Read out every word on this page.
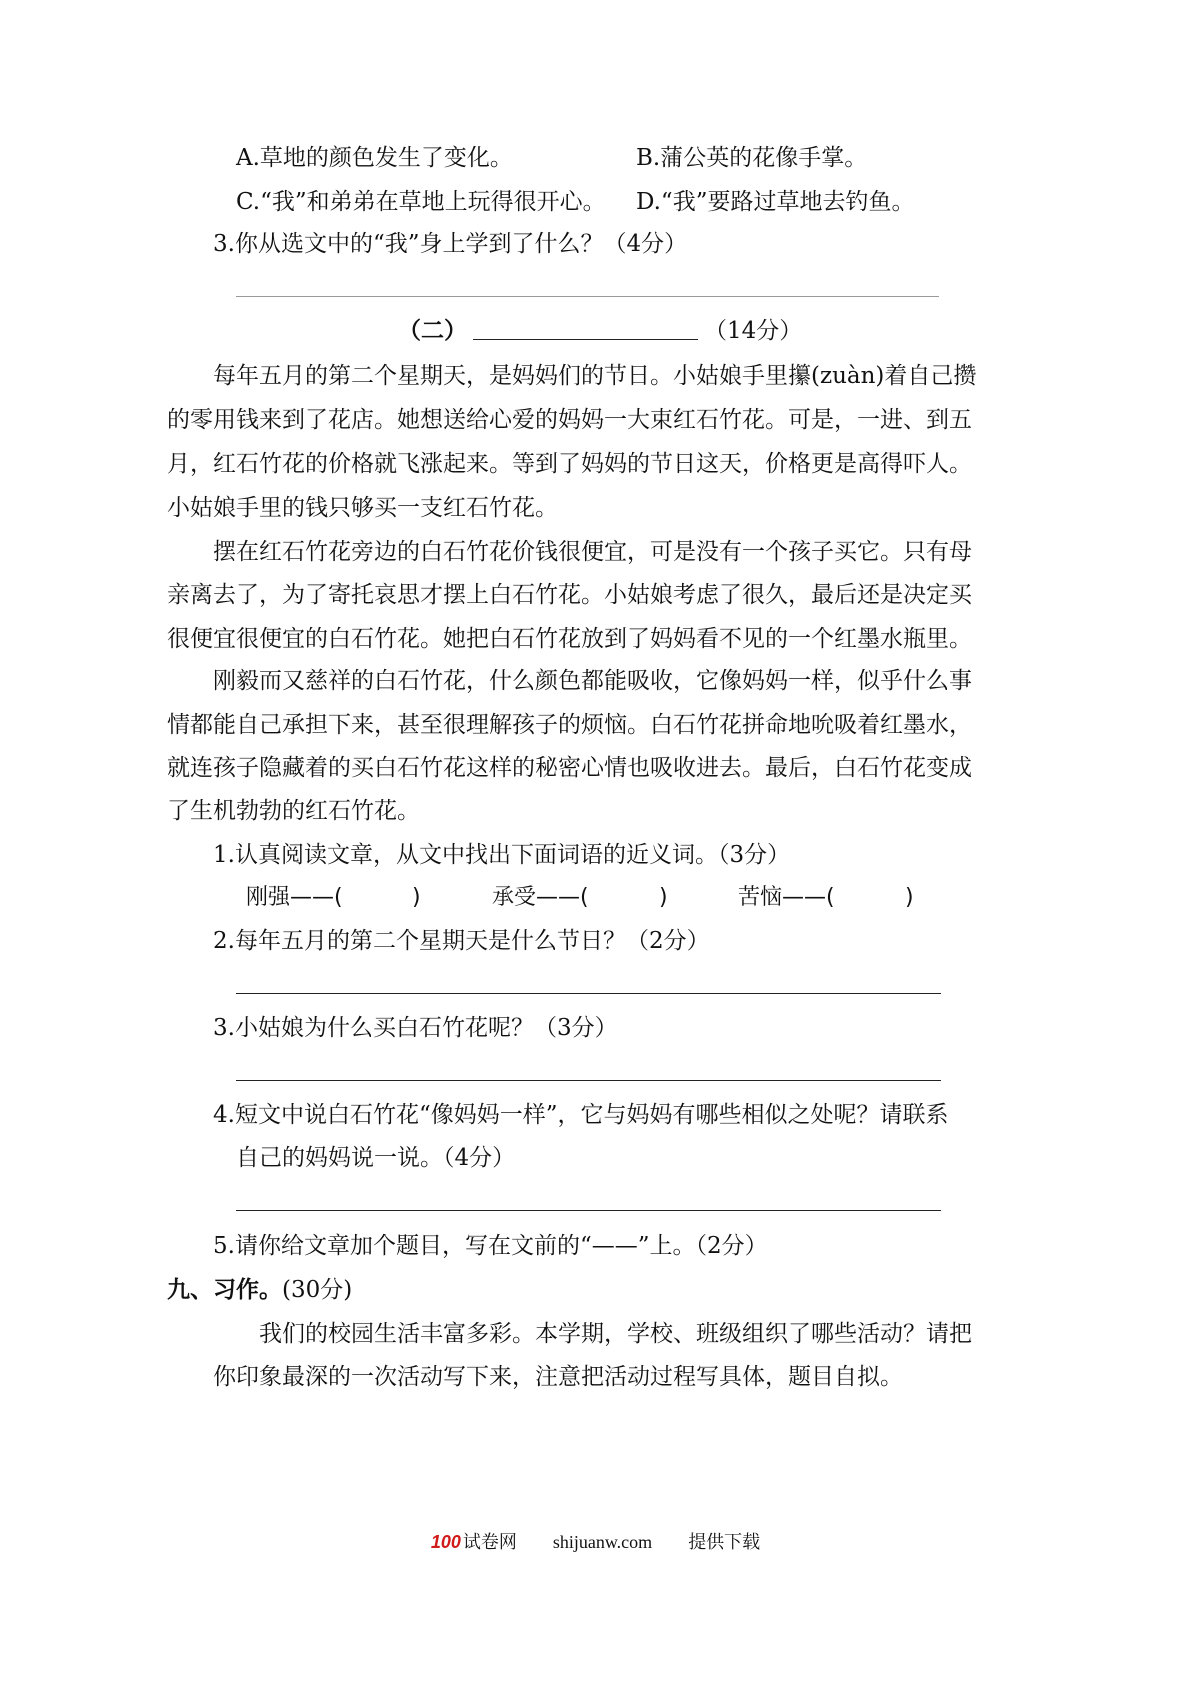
A.草地的颜色发生了变化。	B.蒲公英的花像手掌。
C.“我”和弟弟在草地上玩得很开心。 D.“我”要路过草地去钓鱼。
3.你从选文中的“我”身上学到了什么？（4分）
（二）	（14分）
每年五月的第二个星期天，是妈妈们的节日。小姑娘手里攥(zuàn)着自己攒
的零用钱来到了花店。她想送给心爱的妈妈一大束红石竹花。可是，一进、到五
月，红石竹花的价格就飞涨起来。等到了妈妈的节日这天，价格更是高得吓人。
小姑娘手里的钱只够买一支红石竹花。
摆在红石竹花旁边的白石竹花价钱很便宜，可是没有一个孩子买它。只有母
亲离去了，为了寄托哀思才摆上白石竹花。小姑娘考虑了很久，最后还是决定买
很便宜很便宜的白石竹花。她把白石竹花放到了妈妈看不见的一个红墨水瓶里。
刚毅而又慈祥的白石竹花，什么颜色都能吸收，它像妈妈一样，似乎什么事
情都能自己承担下来，甚至很理解孩子的烦恼。白石竹花拼命地吮吸着红墨水，
就连孩子隐藏着的买白石竹花这样的秘密心情也吸收进去。最后，白石竹花变成
了生机勃勃的红石竹花。
1.认真阅读文章，从文中找出下面词语的近义词。（3分）
刚强——(	)	承受——(	)	苦恼——(	)
2.每年五月的第二个星期天是什么节日？（2分）
3.小姑娘为什么买白石竹花呢？（3分）
4.短文中说白石竹花“像妈妈一样”，它与妈妈有哪些相似之处呢？请联系
自己的妈妈说一说。（4分）
5.请你给文章加个题目，写在文前的“——”上。（2分）
九、习作。(30分)
我们的校园生活丰富多彩。本学期，学校、班级组织了哪些活动？请把
你印象最深的一次活动写下来，注意把活动过程写具体，题目自拟。
100 试卷网 shijuanw.com 提供下载
